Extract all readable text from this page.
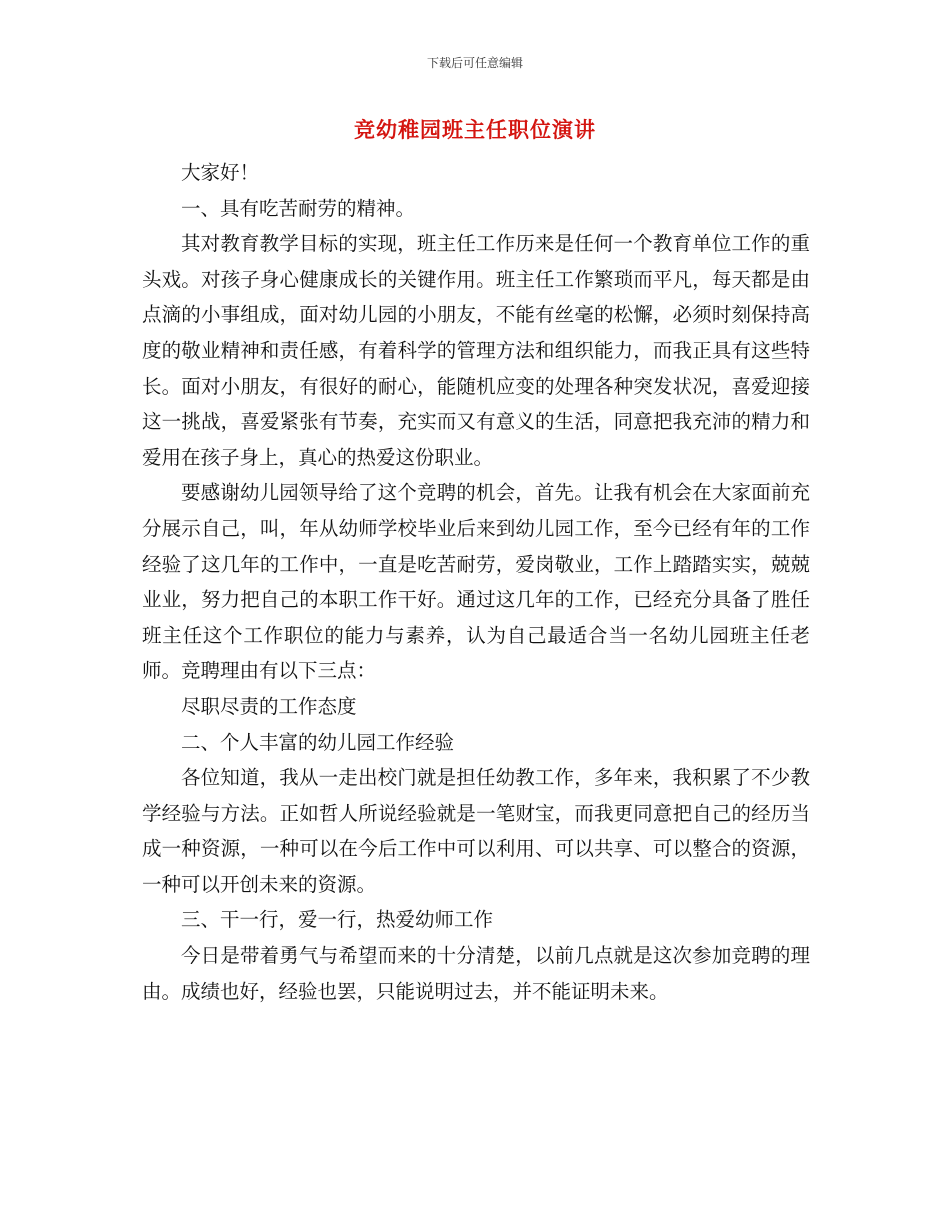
下载后可任意编辑
竞幼稚园班主任职位演讲

大家好！

一、具有吃苦耐劳的精神。

其对教育教学目标的实现，班主任工作历来是任何一个教育单位工作的重头戏。对孩子身心健康成长的关键作用。班主任工作繁琐而平凡，每天都是由点滴的小事组成，面对幼儿园的小朋友，不能有丝毫的松懈，必须时刻保持高度的敬业精神和责任感，有着科学的管理方法和组织能力，而我正具有这些特长。面对小朋友，有很好的耐心，能随机应变的处理各种突发状况，喜爱迎接这一挑战，喜爱紧张有节奏，充实而又有意义的生活，同意把我充沛的精力和爱用在孩子身上，真心的热爱这份职业。

要感谢幼儿园领导给了这个竞聘的机会，首先。让我有机会在大家面前充分展示自己，叫，年从幼师学校毕业后来到幼儿园工作，至今已经有年的工作经验了这几年的工作中，一直是吃苦耐劳，爱岗敬业，工作上踏踏实实，兢兢业业，努力把自己的本职工作干好。通过这几年的工作，已经充分具备了胜任班主任这个工作职位的能力与素养，认为自己最适合当一名幼儿园班主任老师。竞聘理由有以下三点：

尽职尽责的工作态度

二、个人丰富的幼儿园工作经验

各位知道，我从一走出校门就是担任幼教工作，多年来，我积累了不少教学经验与方法。正如哲人所说经验就是一笔财宝，而我更同意把自己的经历当成一种资源，一种可以在今后工作中可以利用、可以共享、可以整合的资源，一种可以开创未来的资源。

三、干一行，爱一行，热爱幼师工作

今日是带着勇气与希望而来的十分清楚，以前几点就是这次参加竞聘的理由。成绩也好，经验也罢，只能说明过去，并不能证明未来。
